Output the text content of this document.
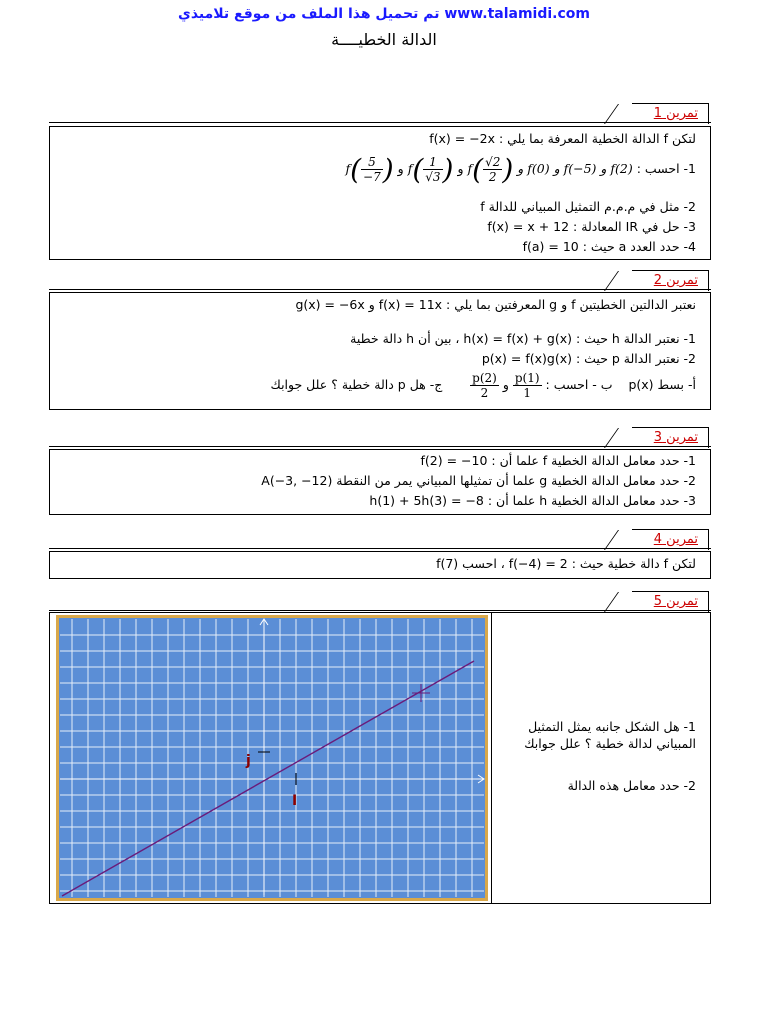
تم تحميل هذا الملف من موقع تلاميذي www.talamidi.com
الدالة الخطيــــة
تمرين 1
لتكن f الدالة الخطية المعرفة بما يلي : f(x) = −2x
1- احسب : f(2) و f(−5) و f(0) و $f( \frac{√2}{2}$ ) و $f( \frac{1}{√3}$ ) و $f( \frac{5}{-7}$ )
2- مثل في م.م.م التمثيل المبياني للدالة f
3- حل في IR المعادلة : f(x) = x + 12
4- حدد العدد a حيث : f(a) = 10
تمرين 2
نعتبر الدالتين الخطيتين f و g المعرفتين بما يلي : f(x) = 11x و g(x) = −6x
1- نعتبر الدالة h حيث : h(x) = f(x) + g(x) ، بين أن h دالة خطية
2- نعتبر الدالة p حيث : p(x) = f(x)g(x)
أ- بسط p(x)    ب - احسب :
$\frac{p(1)}{1}$
و
$\frac{p(2)}{2}$
ج- هل p دالة خطية ؟ علل جوابك
تمرين 3
1- حدد معامل الدالة الخطية f علما أن : f(2) = −10
2- حدد معامل الدالة الخطية g علما أن تمثيلها المبياني يمر من النقطة A(−3, −12)
3- حدد معامل الدالة الخطية h علما أن : h(1) + 5h(3) = −8
تمرين 4
لتكن f دالة خطية حيث : f(−4) = 2 ، احسب f(7)
تمرين 5
1- هل الشكل جانبه يمثل التمثيل المبياني لدالة خطية ؟ علل جوابك
2- حدد معامل هذه الدالة
j
I
